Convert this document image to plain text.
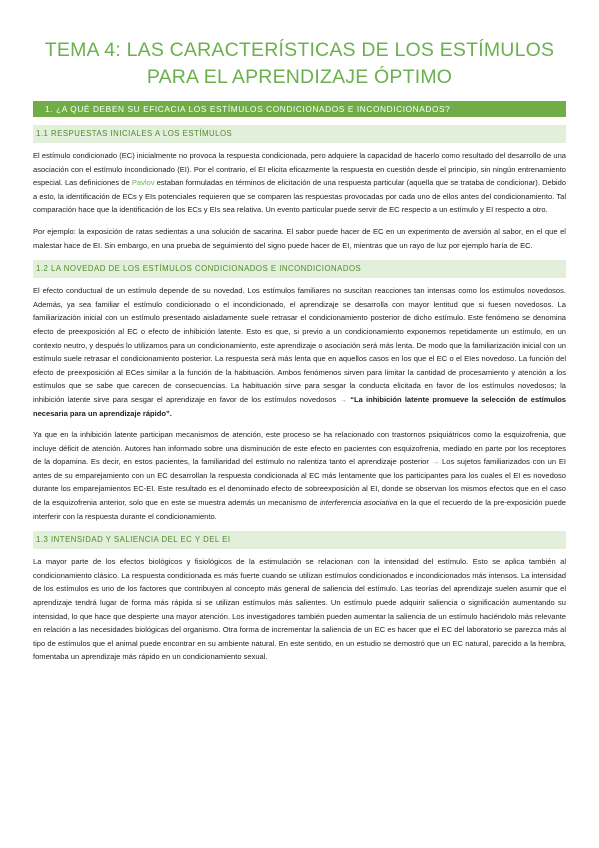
TEMA 4: LAS CARACTERÍSTICAS DE LOS ESTÍMULOS
PARA EL APRENDIZAJE ÓPTIMO
1. ¿A QUÉ DEBEN SU EFICACIA LOS ESTÍMULOS CONDICIONADOS E INCONDICIONADOS?
1.1 RESPUESTAS INICIALES A LOS ESTÍMULOS

El estímulo condicionado (EC) inicialmente no provoca la respuesta condicionada, pero adquiere la capacidad de hacerlo como resultado del desarrollo de una asociación con el estímulo incondicionado (EI). Por el contrario, el EI elicita eficazmente la respuesta en cuestión desde el principio, sin ningún entrenamiento especial. Las definiciones de Pavlov estaban formuladas en términos de elicitación de una respuesta particular (aquella que se trataba de condicionar). Debido a esto, la identificación de ECs y EIs potenciales requieren que se comparen las respuestas provocadas por cada uno de ellos antes del condicionamiento. Tal comparación hace que la identificación de los ECs y EIs sea relativa. Un evento particular puede servir de EC respecto a un estímulo y EI respecto a otro.

Por ejemplo: la exposición de ratas sedientas a una solución de sacarina. El sabor puede hacer de EC en un experimento de aversión al sabor, en el que el malestar hace de EI. Sin embargo, en una prueba de seguimiento del signo puede hacer de EI, mientras que un rayo de luz por ejemplo haría de EC.

1.2 LA NOVEDAD DE LOS ESTÍMULOS CONDICIONADOS E INCONDICIONADOS

El efecto conductual de un estímulo depende de su novedad. Los estímulos familiares no suscitan reacciones tan intensas como los estímulos novedosos. Además, ya sea familiar el estímulo condicionado o el incondicionado, el aprendizaje se desarrolla con mayor lentitud que si fuesen novedosos. La familiarización inicial con un estímulo presentado aisladamente suele retrasar el condicionamiento posterior de dicho estímulo. Este fenómeno se denomina efecto de preexposición al EC o efecto de inhibición latente. Esto es que, si previo a un condicionamiento exponemos repetidamente un estímulo, en un contexto neutro, y después lo utilizamos para un condicionamiento, este aprendizaje o asociación será más lenta. De modo que la familiarización inicial con un estímulo suele retrasar el condicionamiento posterior. La respuesta será más lenta que en aquellos casos en los que el EC o el EIes novedoso. La función del efecto de preexposición al ECes similar a la función de la habituación. Ambos fenómenos sirven para limitar la cantidad de procesamiento y atención a los estímulos que se sabe que carecen de consecuencias. La habituación sirve para sesgar la conducta elicitada en favor de los estímulos novedosos; la inhibición latente sirve para sesgar el aprendizaje en favor de los estímulos novedosos → “La inhibición latente promueve la selección de estímulos necesaria para un aprendizaje rápido”.

Ya que en la inhibición latente participan mecanismos de atención, este proceso se ha relacionado con trastornos psiquiátricos como la esquizofrenia, que incluye déficit de atención. Autores han informado sobre una disminución de este efecto en pacientes con esquizofrenia, mediado en parte por los receptores de la dopamina. Es decir, en estos pacientes, la familiaridad del estímulo no ralentiza tanto el aprendizaje posterior → Los sujetos familiarizados con un EI antes de su emparejamiento con un EC desarrollan la respuesta condicionada al EC más lentamente que los participantes para los cuales el EI es novedoso durante los emparejamientos EC-EI. Este resultado es el denominado efecto de sobreexposición al EI, donde se observan los mismos efectos que en el caso de la esquizofrenia anterior, solo que en este se muestra además un mecanismo de interferencia asociativa en la que el recuerdo de la pre-exposición puede interferir con la respuesta durante el condicionamiento.

1.3 INTENSIDAD Y SALIENCIA DEL EC Y DEL EI

La mayor parte de los efectos biológicos y fisiológicos de la estimulación se relacionan con la intensidad del estímulo. Esto se aplica también al condicionamiento clásico. La respuesta condicionada es más fuerte cuando se utilizan estímulos condicionados e incondicionados más intensos. La intensidad de los estímulos es uno de los factores que contribuyen al concepto más general de saliencia del estímulo. Las teorías del aprendizaje suelen asumir que el aprendizaje tendrá lugar de forma más rápida si se utilizan estímulos más salientes. Un estímulo puede adquirir saliencia o significación aumentando su intensidad, lo que hace que despierte una mayor atención. Los investigadores también pueden aumentar la saliencia de un estímulo haciéndolo más relevante en relación a las necesidades biológicas del organismo. Otra forma de incrementar la saliencia de un EC es hacer que el EC del laboratorio se parezca más al tipo de estímulos que el animal puede encontrar en su ambiente natural. En este sentido, en un estudio se demostró que un EC natural, parecido a la hembra, fomentaba un aprendizaje más rápido en un condicionamiento sexual.
